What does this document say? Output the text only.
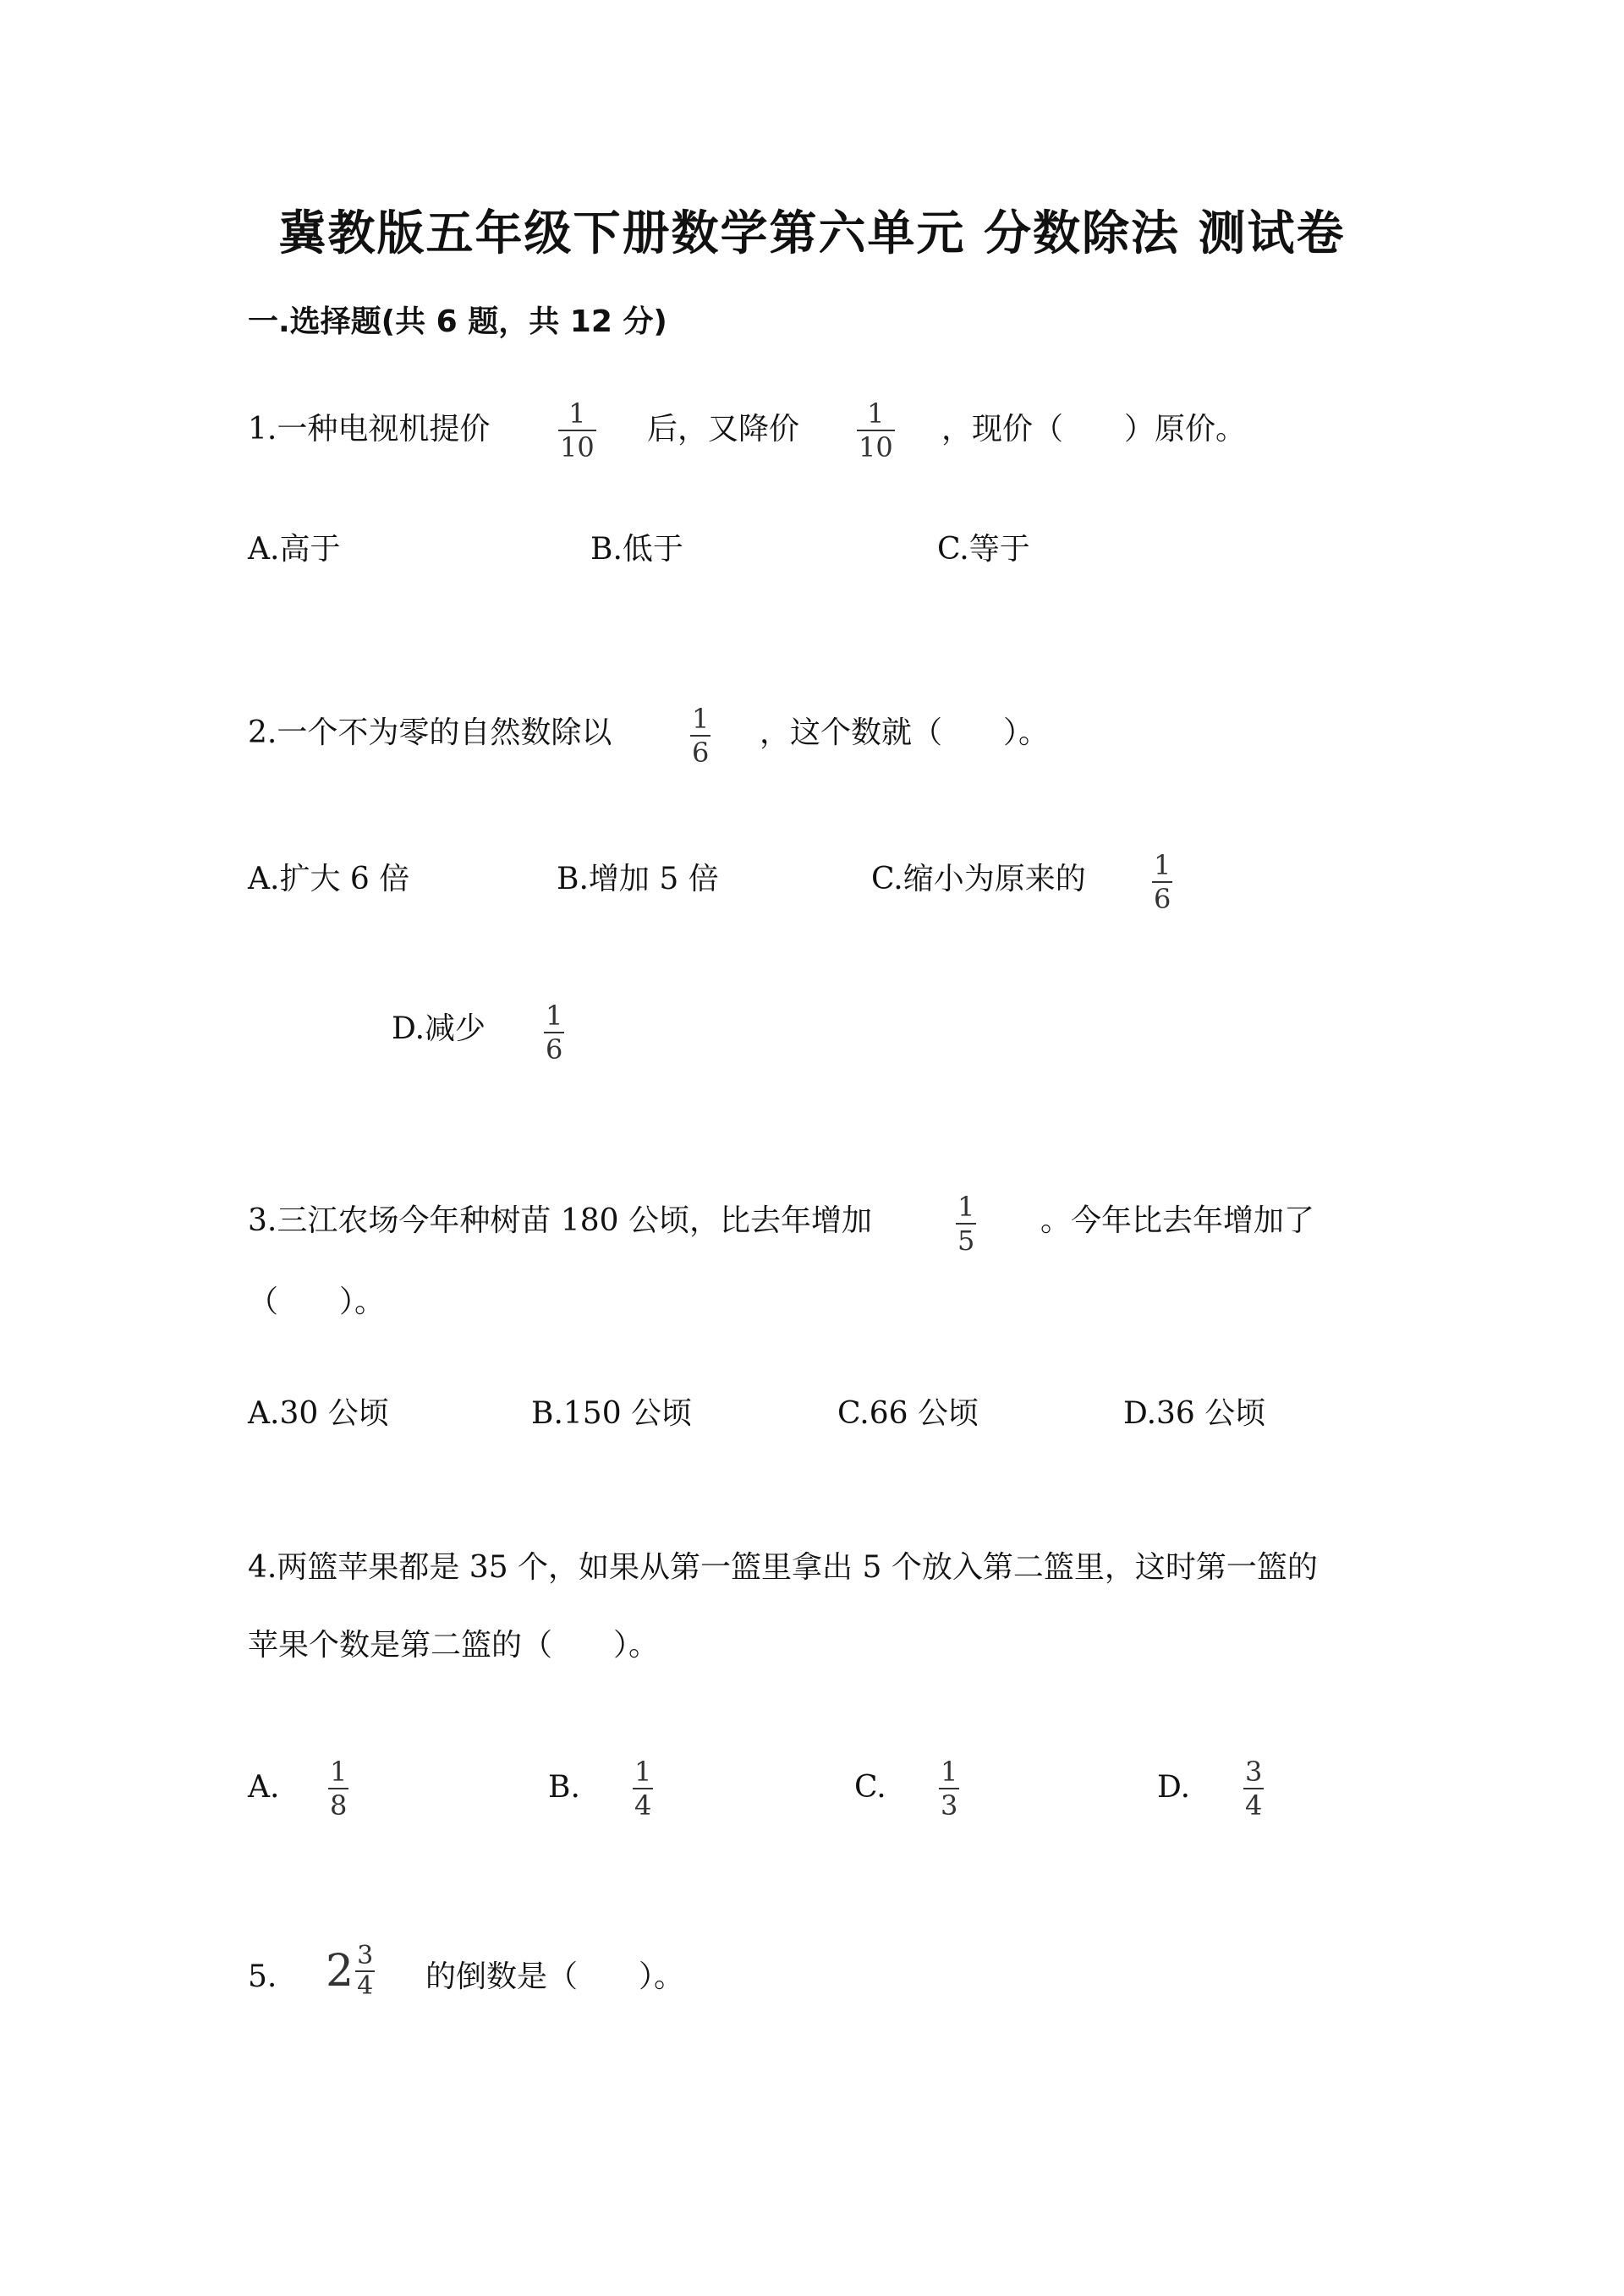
冀教版五年级下册数学第六单元 分数除法 测试卷
一.选择题(共 6 题，共 12 分)
1.一种电视机提价	1
10
后，又降价	1
10
，现价（　　）原价。
A.高于	B.低于	C.等于
2.一个不为零的自然数除以	1
6
，这个数就（　　）。
A.扩大 6 倍	B.增加 5 倍	C.缩小为原来的	1
6
D.减少 1
6
3.三江农场今年种树苗 180 公顷，比去年增加	1
5
。今年比去年增加了
（　　）。
A.30 公顷	B.150 公顷	C.66 公顷	D.36 公顷
4.两篮苹果都是 35 个，如果从第一篮里拿出 5 个放入第二篮里，这时第一篮的
苹果个数是第二篮的（　　）。
A. 1
8
B. 1
4
C. 1
3
D. 3
4
5. $2 \frac{3}{4}$ 的倒数是（　　）。
